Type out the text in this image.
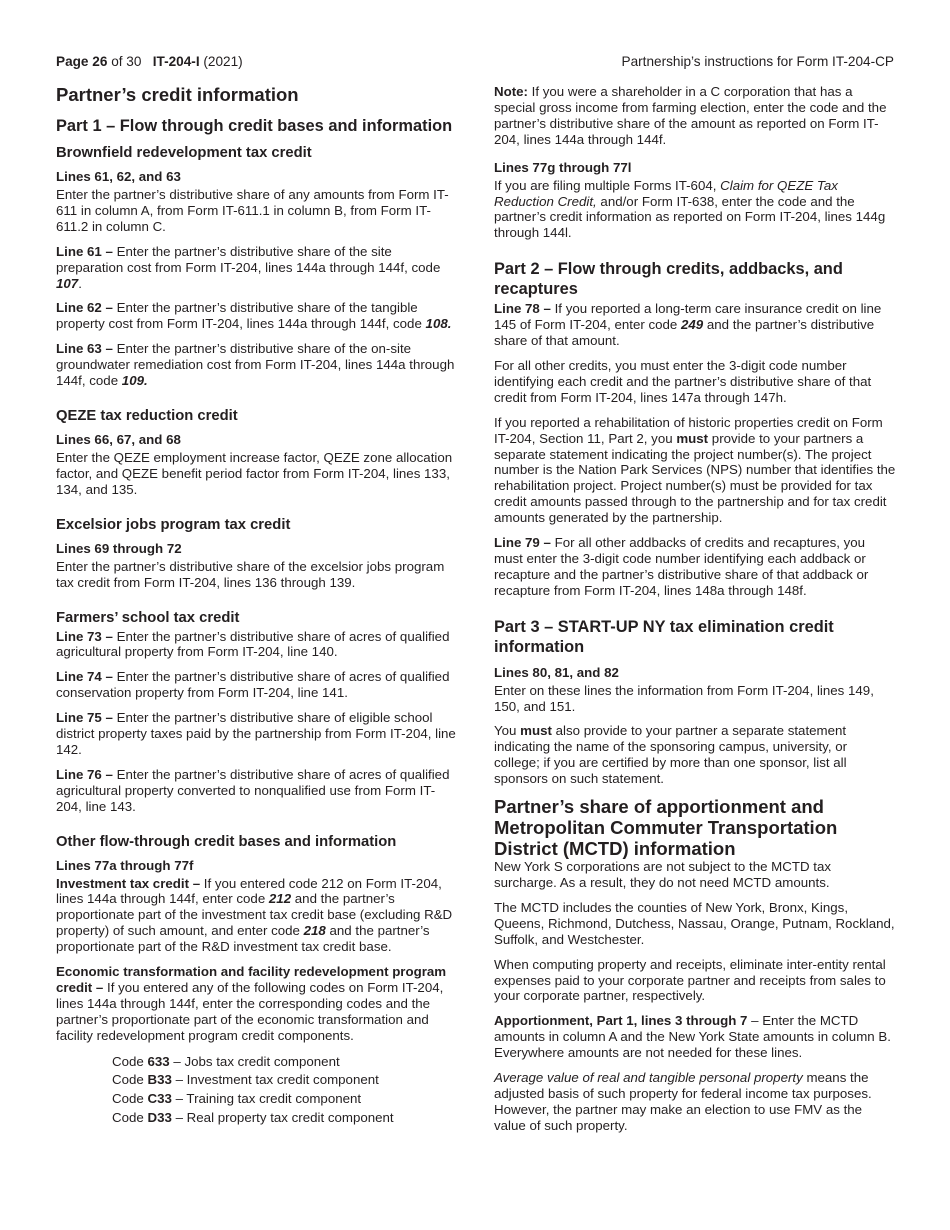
Page 26 of 30 IT-204-I (2021)	Partnership’s instructions for Form IT-204-CP
Partner’s credit information
Part 1 – Flow through credit bases and information
Brownfield redevelopment tax credit
Lines 61, 62, and 63

Enter the partner’s distributive share of any amounts from Form IT-611 in column A, from Form IT-611.1 in column B, from Form IT-611.2 in column C.

Line 61 – Enter the partner’s distributive share of the site preparation cost from Form IT-204, lines 144a through 144f, code 107.

Line 62 – Enter the partner’s distributive share of the tangible property cost from Form IT-204, lines 144a through 144f, code 108.

Line 63 – Enter the partner’s distributive share of the on-site groundwater remediation cost from Form IT-204, lines 144a through 144f, code 109.

QEZE tax reduction credit
Lines 66, 67, and 68

Enter the QEZE employment increase factor, QEZE zone allocation factor, and QEZE benefit period factor from Form IT-204, lines 133, 134, and 135.

Excelsior jobs program tax credit
Lines 69 through 72

Enter the partner’s distributive share of the excelsior jobs program tax credit from Form IT-204, lines 136 through 139.

Farmers’ school tax credit

Line 73 – Enter the partner’s distributive share of acres of qualified agricultural property from Form IT-204, line 140.

Line 74 – Enter the partner’s distributive share of acres of qualified conservation property from Form IT-204, line 141.

Line 75 – Enter the partner’s distributive share of eligible school district property taxes paid by the partnership from Form IT-204, line 142.

Line 76 – Enter the partner’s distributive share of acres of qualified agricultural property converted to nonqualified use from Form IT-204, line 143.

Other flow-through credit bases and information
Lines 77a through 77f

Investment tax credit – If you entered code 212 on Form IT-204, lines 144a through 144f, enter code 212 and the partner’s proportionate part of the investment tax credit base (excluding R&D property) of such amount, and enter code 218 and the partner’s proportionate part of the R&D investment tax credit base.

Economic transformation and facility redevelopment program credit – If you entered any of the following codes on Form IT-204, lines 144a through 144f, enter the corresponding codes and the partner’s proportionate part of the economic transformation and facility redevelopment program credit components.

Code 633 – Jobs tax credit component
Code B33 – Investment tax credit component
Code C33 – Training tax credit component
Code D33 – Real property tax credit component

Note: If you were a shareholder in a C corporation that has a special gross income from farming election, enter the code and the partner’s distributive share of the amount as reported on Form IT-204, lines 144a through 144f.

Lines 77g through 77l

If you are filing multiple Forms IT-604, Claim for QEZE Tax Reduction Credit, and/or Form IT-638, enter the code and the partner’s credit information as reported on Form IT-204, lines 144g through 144l.

Part 2 – Flow through credits, addbacks, and recaptures

Line 78 – If you reported a long-term care insurance credit on line 145 of Form IT-204, enter code 249 and the partner’s distributive share of that amount.

For all other credits, you must enter the 3-digit code number identifying each credit and the partner’s distributive share of that credit from Form IT-204, lines 147a through 147h.

If you reported a rehabilitation of historic properties credit on Form IT-204, Section 11, Part 2, you must provide to your partners a separate statement indicating the project number(s). The project number is the Nation Park Services (NPS) number that identifies the rehabilitation project. Project number(s) must be provided for tax credit amounts passed through to the partnership and for tax credit amounts generated by the partnership.

Line 79 – For all other addbacks of credits and recaptures, you must enter the 3-digit code number identifying each addback or recapture and the partner’s distributive share of that addback or recapture from Form IT-204, lines 148a through 148f.

Part 3 – START-UP NY tax elimination credit information
Lines 80, 81, and 82

Enter on these lines the information from Form IT-204, lines 149, 150, and 151.

You must also provide to your partner a separate statement indicating the name of the sponsoring campus, university, or college; if you are certified by more than one sponsor, list all sponsors on such statement.

Partner’s share of apportionment and Metropolitan Commuter Transportation District (MCTD) information

New York S corporations are not subject to the MCTD tax surcharge. As a result, they do not need MCTD amounts.

The MCTD includes the counties of New York, Bronx, Kings, Queens, Richmond, Dutchess, Nassau, Orange, Putnam, Rockland, Suffolk, and Westchester.

When computing property and receipts, eliminate inter-entity rental expenses paid to your corporate partner and receipts from sales to your corporate partner, respectively.

Apportionment, Part 1, lines 3 through 7 – Enter the MCTD amounts in column A and the New York State amounts in column B. Everywhere amounts are not needed for these lines.

Average value of real and tangible personal property means the adjusted basis of such property for federal income tax purposes. However, the partner may make an election to use FMV as the value of such property.
